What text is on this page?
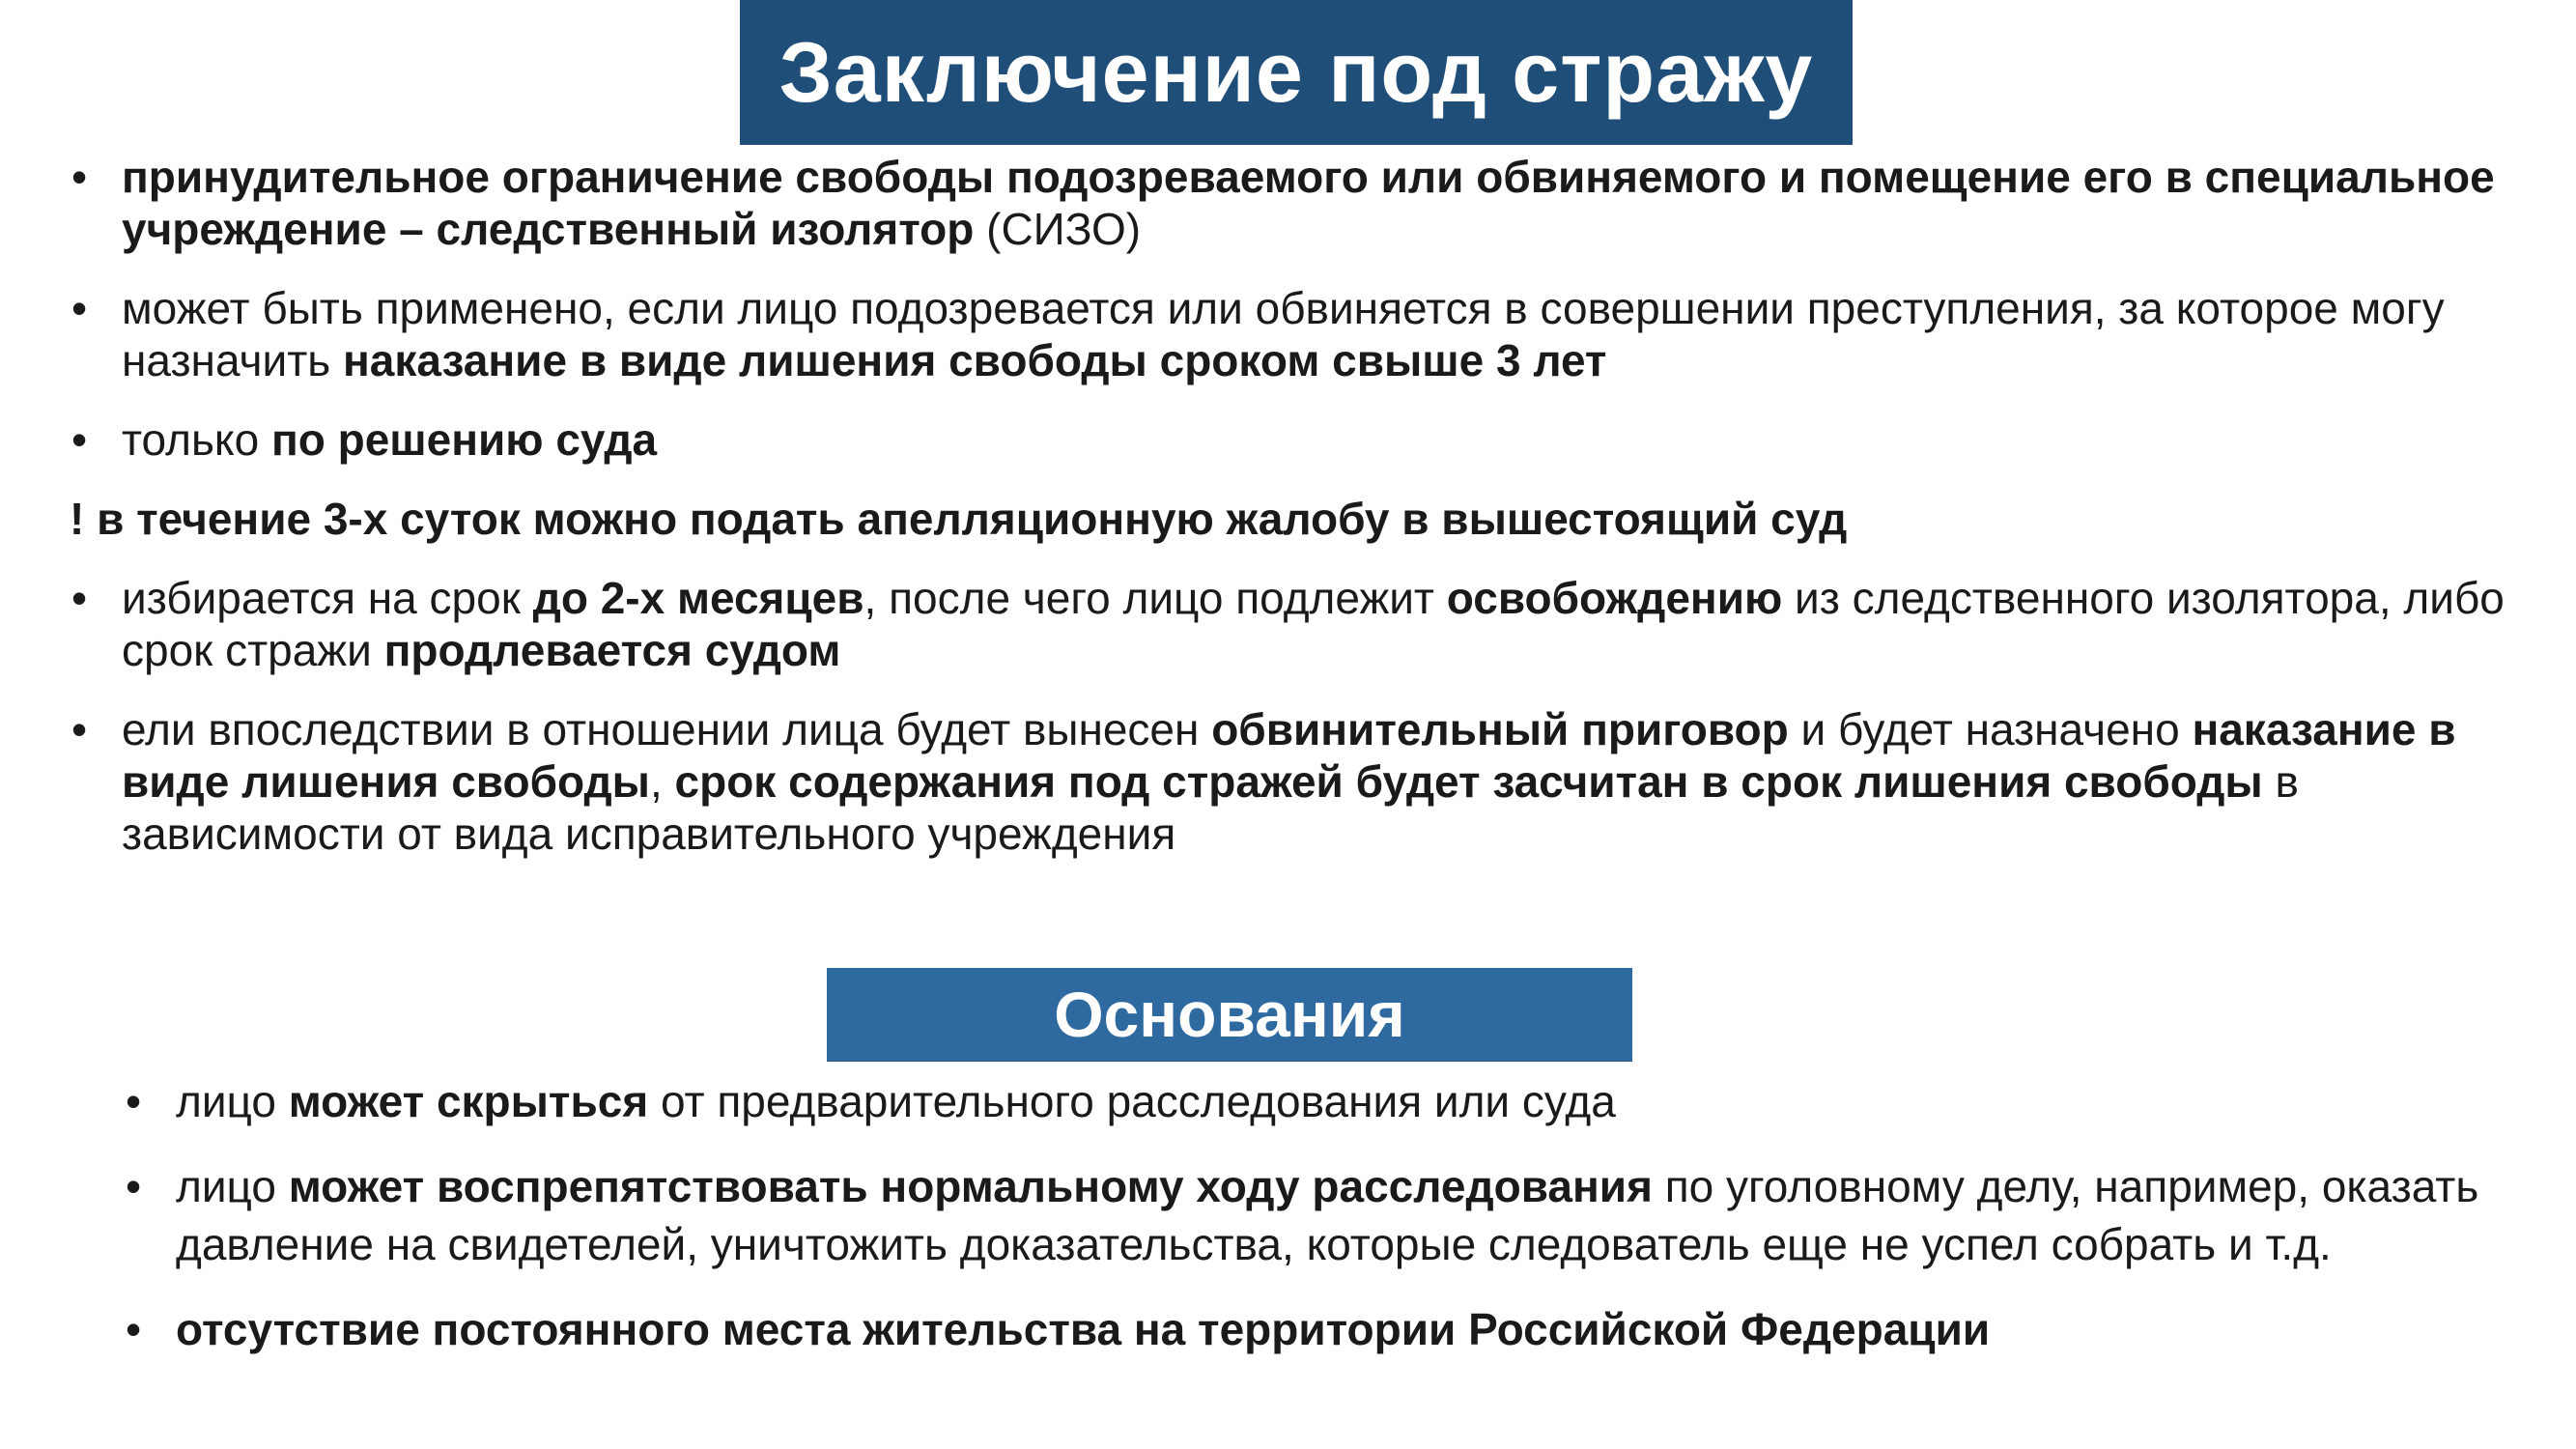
Заключение под стражу
• принудительное ограничение свободы подозреваемого или обвиняемого и помещение его в специальное учреждение – следственный изолятор (СИЗО)
• может быть применено, если лицо подозревается или обвиняется в совершении преступления, за которое могу назначить наказание в виде лишения свободы сроком свыше 3 лет
• только по решению суда
! в течение 3-х суток можно подать апелляционную жалобу в вышестоящий суд
• избирается на срок до 2-х месяцев, после чего лицо подлежит освобождению из следственного изолятора, либо срок стражи продлевается судом
• ели впоследствии в отношении лица будет вынесен обвинительный приговор и будет назначено наказание в виде лишения свободы, срок содержания под стражей будет засчитан в срок лишения свободы в зависимости от вида исправительного учреждения
Основания
• лицо может скрыться от предварительного расследования или суда
• лицо может воспрепятствовать нормальному ходу расследования по уголовному делу, например, оказать давление на свидетелей, уничтожить доказательства, которые следователь еще не успел собрать и т.д.
• отсутствие постоянного места жительства на территории Российской Федерации
